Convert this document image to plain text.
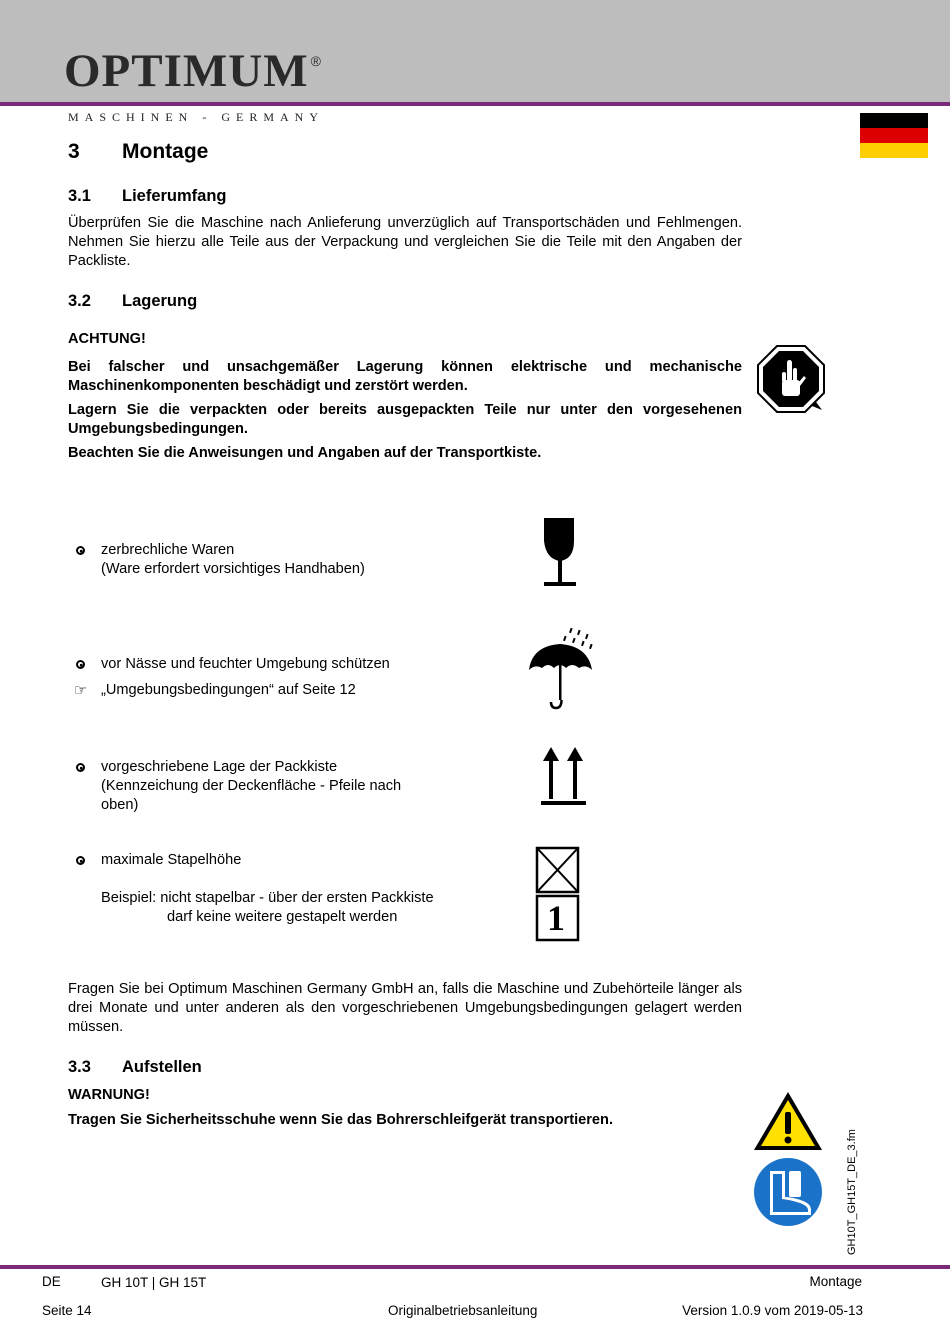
OPTIMUM ®
MASCHINEN - GERMANY
3 Montage
3.1 Lieferumfang
Überprüfen Sie die Maschine nach Anlieferung unverzüglich auf Transportschäden und Fehlmengen. Nehmen Sie hierzu alle Teile aus der Verpackung und vergleichen Sie die Teile mit den Angaben der Packliste.
3.2 Lagerung
ACHTUNG!
Bei falscher und unsachgemäßer Lagerung können elektrische und mechanische Maschinenkomponenten beschädigt und zerstört werden.
Lagern Sie die verpackten oder bereits ausgepackten Teile nur unter den vorgesehenen Umgebungsbedingungen.
Beachten Sie die Anweisungen und Angaben auf der Transportkiste.
zerbrechliche Waren
(Ware erfordert vorsichtiges Handhaben)
vor Nässe und feuchter Umgebung schützen
☞ „Umgebungsbedingungen“ auf Seite 12
vorgeschriebene Lage der Packkiste
(Kennzeichung der Deckenfläche - Pfeile nach
oben)
maximale Stapelhöhe
Beispiel: nicht stapelbar - über der ersten Packkiste
darf keine weitere gestapelt werden	1
Fragen Sie bei Optimum Maschinen Germany GmbH an, falls die Maschine und Zubehörteile länger als drei Monate und unter anderen als den vorgeschriebenen Umgebungsbedingungen gelagert werden müssen.
3.3 Aufstellen
WARNUNG!
Tragen Sie Sicherheitsschuhe wenn Sie das Bohrerschleifgerät transportieren.
GH10T_GH15T_DE_3.fm
DE	GH 10T | GH 15T	Montage
Seite 14	Originalbetriebsanleitung	Version 1.0.9 vom 2019-05-13
